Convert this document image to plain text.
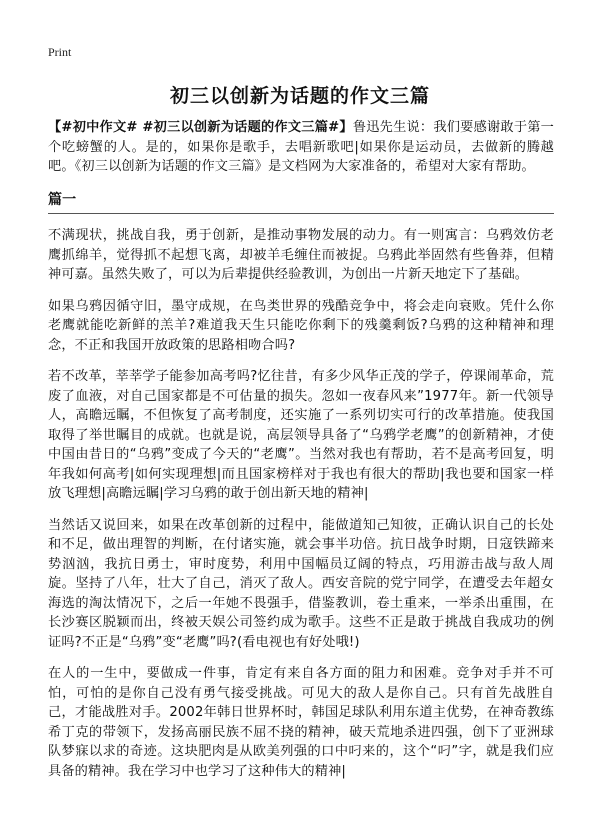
Print
初三以创新为话题的作文三篇

【#初中作文# #初三以创新为话题的作文三篇#】鲁迅先生说：我们要感谢敢于第一个吃螃蟹的人。是的，如果你是歌手，去唱新歌吧|如果你是运动员，去做新的腾越吧。《初三以创新为话题的作文三篇》是文档网为大家准备的，希望对大家有帮助。

篇一

不满现状，挑战自我，勇于创新，是推动事物发展的动力。有一则寓言：乌鸦效仿老鹰抓绵羊，觉得抓不起想飞离，却被羊毛缠住而被捉。乌鸦此举固然有些鲁莽，但精神可嘉。虽然失败了，可以为后辈提供经验教训，为创出一片新天地定下了基础。

如果乌鸦因循守旧，墨守成规，在鸟类世界的残酷竞争中，将会走向衰败。凭什么你老鹰就能吃新鲜的羔羊?难道我天生只能吃你剩下的残羹剩饭?乌鸦的这种精神和理念，不正和我国开放政策的思路相吻合吗?

若不改革，莘莘学子能参加高考吗?忆往昔，有多少风华正茂的学子，停课闹革命，荒废了血液，对自己国家都是不可估量的损失。忽如一夜春风来”1977年。新一代领导人，高瞻远瞩，不但恢复了高考制度，还实施了一系列切实可行的改革措施。使我国取得了举世瞩目的成就。也就是说，高层领导具备了“乌鸦学老鹰”的创新精神，才使中国由昔日的“乌鸦”变成了今天的“老鹰”。当然对我也有帮助，若不是高考回复，明年我如何高考|如何实现理想|而且国家榜样对于我也有很大的帮助|我也要和国家一样放飞理想|高瞻远瞩|学习乌鸦的敢于创出新天地的精神|

当然话又说回来，如果在改革创新的过程中，能做道知己知彼，正确认识自己的长处和不足，做出理智的判断，在付诸实施，就会事半功倍。抗日战争时期，日寇铁蹄来势汹汹，我抗日勇士，审时度势，利用中国幅员辽阔的特点，巧用游击战与敌人周旋。坚持了八年，壮大了自己，消灭了敌人。西安音院的党宁同学，在遭受去年超女海选的淘汰情况下，之后一年她不畏强手，借鉴教训，卷土重来，一举杀出重围，在长沙赛区脱颖而出，终被天娱公司签约成为歌手。这些不正是敢于挑战自我成功的例证吗?不正是“乌鸦”变“老鹰”吗?(看电视也有好处哦!)

在人的一生中，要做成一件事，肯定有来自各方面的阻力和困难。竞争对手并不可怕，可怕的是你自己没有勇气接受挑战。可见大的敌人是你自己。只有首先战胜自己，才能战胜对手。2002年韩日世界杯时，韩国足球队利用东道主优势，在神奇教练希丁克的带领下，发扬高丽民族不屈不挠的精神，破天荒地杀进四强，创下了亚洲球队梦寐以求的奇迹。这块肥肉是从欧美列强的口中叼来的，这个“叼”字，就是我们应具备的精神。我在学习中也学习了这种伟大的精神|
